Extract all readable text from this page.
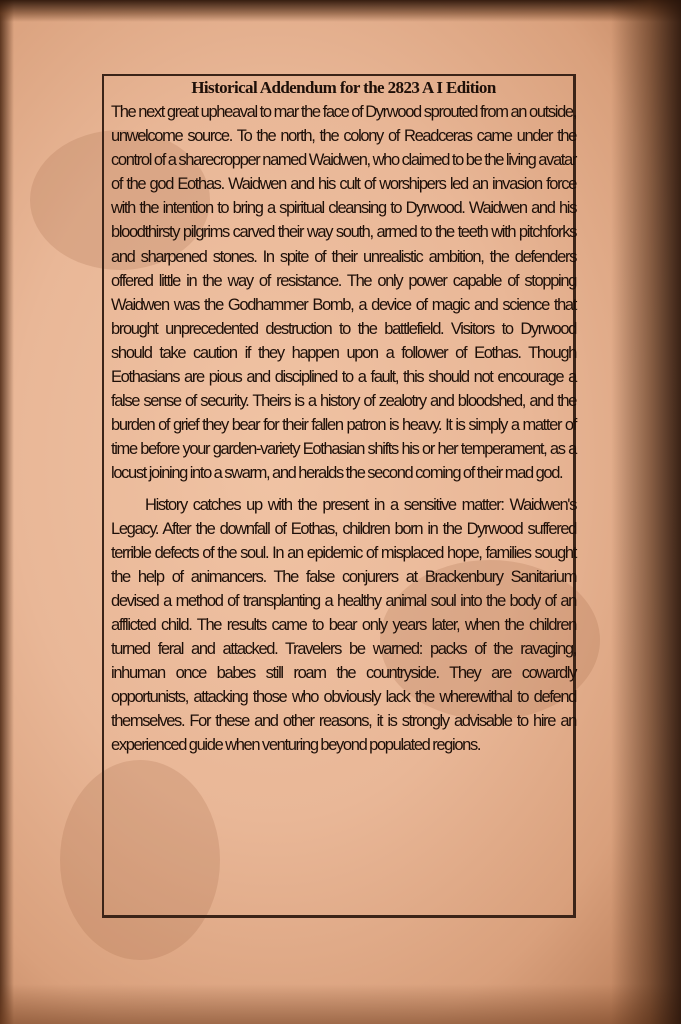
Historical Addendum for the 2823 A I Edition

The next great upheaval to mar the face of Dyrwood sprouted from an outside, unwelcome source. To the north, the colony of Readceras came under the control of a sharecropper named Waidwen, who claimed to be the living avatar of the god Eothas. Waidwen and his cult of worshipers led an invasion force with the intention to bring a spiritual cleansing to Dyrwood. Waidwen and his bloodthirsty pilgrims carved their way south, armed to the teeth with pitchforks and sharpened stones. In spite of their unrealistic ambition, the defenders offered little in the way of resistance. The only power capable of stopping Waidwen was the Godhammer Bomb, a device of magic and science that brought unprecedented destruction to the battlefield. Visitors to Dyrwood should take caution if they happen upon a follower of Eothas. Though Eothasians are pious and disciplined to a fault, this should not encourage a false sense of security. Theirs is a history of zealotry and bloodshed, and the burden of grief they bear for their fallen patron is heavy. It is simply a matter of time before your garden-variety Eothasian shifts his or her temperament, as a locust joining into a swarm, and heralds the second coming of their mad god.

History catches up with the present in a sensitive matter: Waidwen's Legacy. After the downfall of Eothas, children born in the Dyrwood suffered terrible defects of the soul. In an epidemic of misplaced hope, families sought the help of animancers. The false conjurers at Brackenbury Sanitarium devised a method of transplanting a healthy animal soul into the body of an afflicted child. The results came to bear only years later, when the children turned feral and attacked. Travelers be warned: packs of the ravaging, inhuman once babes still roam the countryside. They are cowardly opportunists, attacking those who obviously lack the wherewithal to defend themselves. For these and other reasons, it is strongly advisable to hire an experienced guide when venturing beyond populated regions.
